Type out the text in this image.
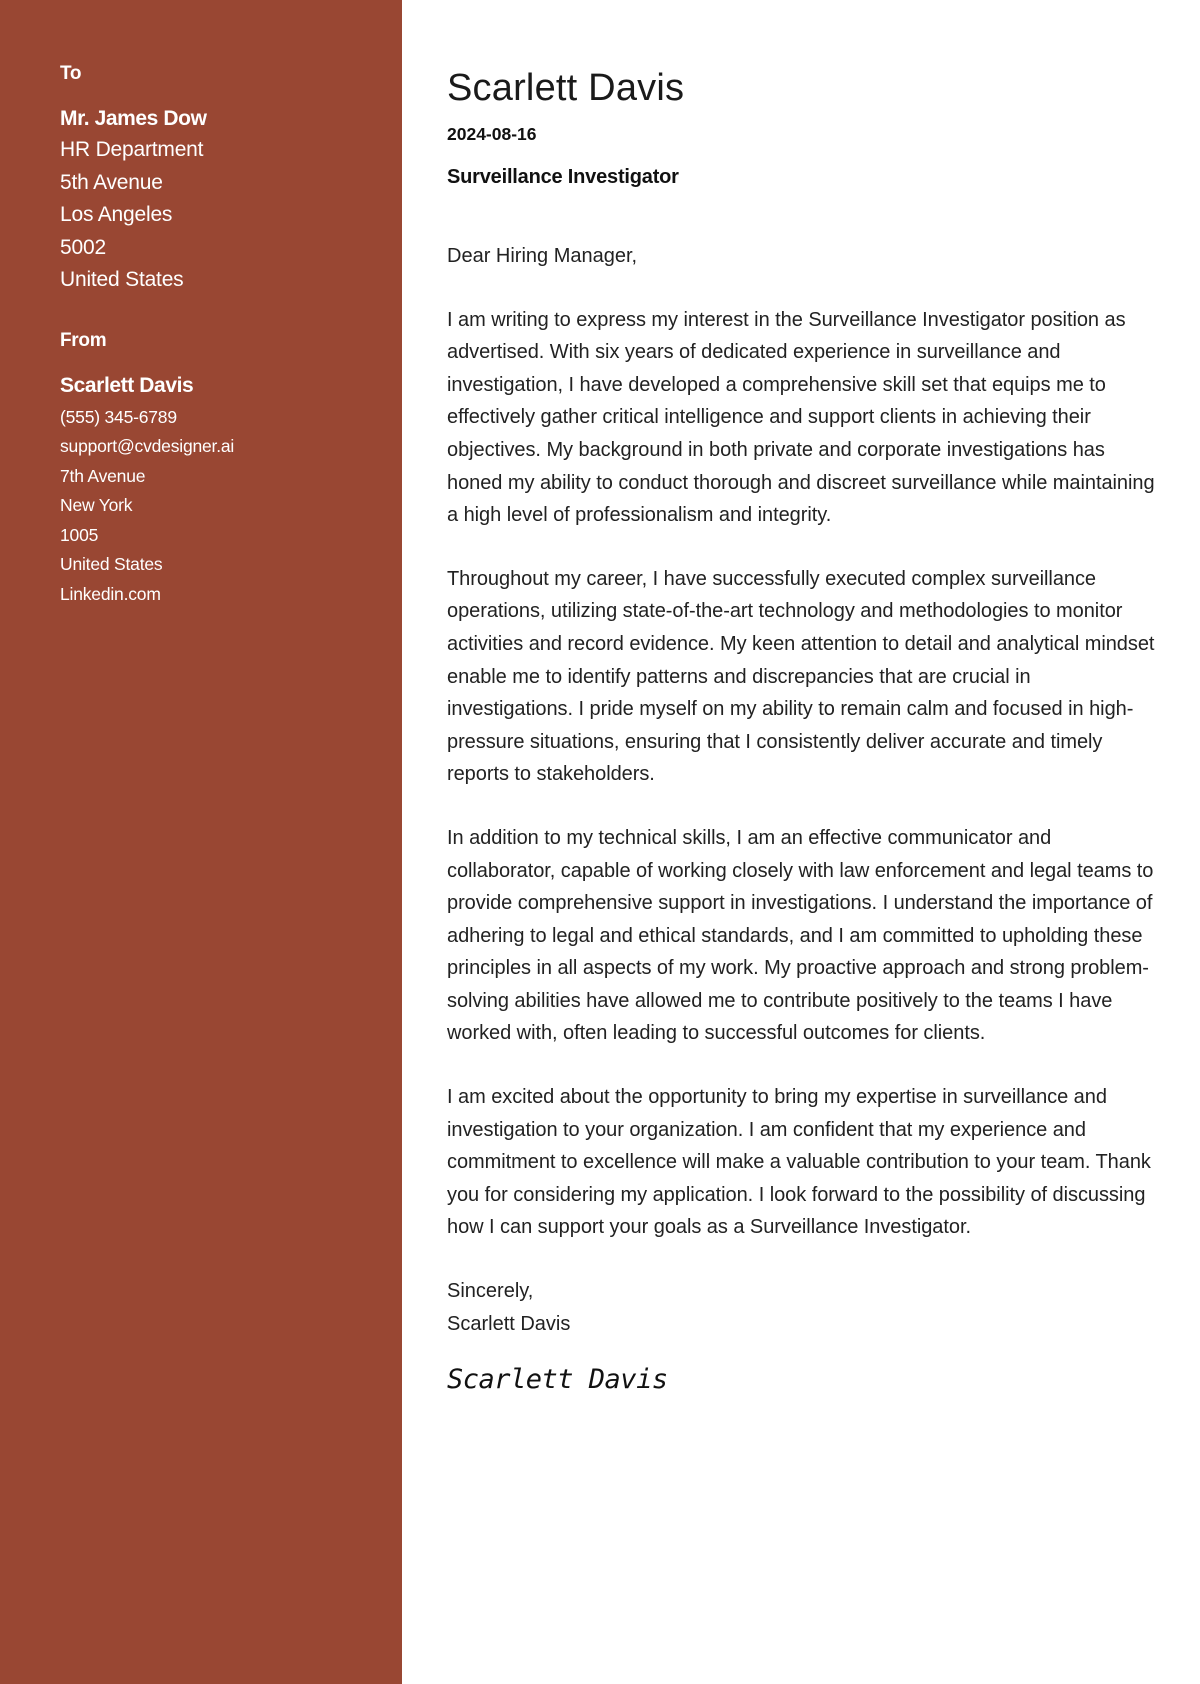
To
Mr. James Dow
HR Department
5th Avenue
Los Angeles
5002
United States
From
Scarlett Davis
(555) 345-6789
support@cvdesigner.ai
7th Avenue
New York
1005
United States
Linkedin.com
Scarlett Davis
2024-08-16
Surveillance Investigator
Dear Hiring Manager,

I am writing to express my interest in the Surveillance Investigator position as advertised. With six years of dedicated experience in surveillance and investigation, I have developed a comprehensive skill set that equips me to effectively gather critical intelligence and support clients in achieving their objectives. My background in both private and corporate investigations has honed my ability to conduct thorough and discreet surveillance while maintaining a high level of professionalism and integrity.

Throughout my career, I have successfully executed complex surveillance operations, utilizing state-of-the-art technology and methodologies to monitor activities and record evidence. My keen attention to detail and analytical mindset enable me to identify patterns and discrepancies that are crucial in investigations. I pride myself on my ability to remain calm and focused in high-pressure situations, ensuring that I consistently deliver accurate and timely reports to stakeholders.

In addition to my technical skills, I am an effective communicator and collaborator, capable of working closely with law enforcement and legal teams to provide comprehensive support in investigations. I understand the importance of adhering to legal and ethical standards, and I am committed to upholding these principles in all aspects of my work. My proactive approach and strong problem-solving abilities have allowed me to contribute positively to the teams I have worked with, often leading to successful outcomes for clients.

I am excited about the opportunity to bring my expertise in surveillance and investigation to your organization. I am confident that my experience and commitment to excellence will make a valuable contribution to your team. Thank you for considering my application. I look forward to the possibility of discussing how I can support your goals as a Surveillance Investigator.

Sincerely,
Scarlett Davis
Scarlett Davis
